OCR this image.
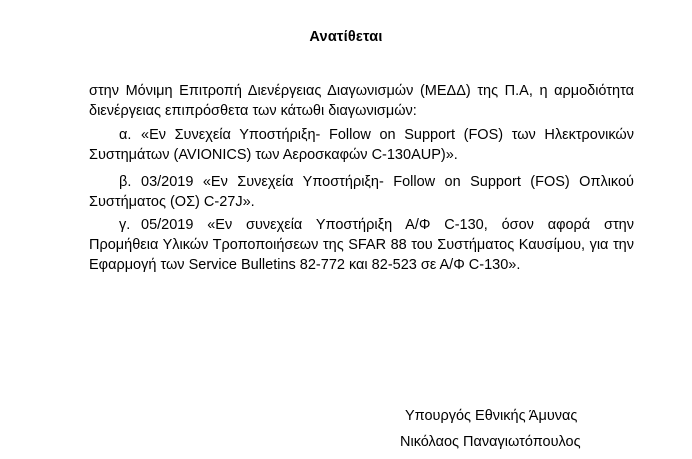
Ανατίθεται
στην Μόνιμη Επιτροπή Διενέργειας Διαγωνισμών (ΜΕΔΔ) της Π.Α, η αρμοδιότητα
διενέργειας επιπρόσθετα των κάτωθι διαγωνισμών:
α. «Εν Συνεχεία Υποστήριξη- Follow on Support (FOS) των Ηλεκτρονικών
Συστημάτων (AVIONICS) των Αεροσκαφών C-130AUP)».
β. 03/2019 «Εν Συνεχεία Υποστήριξη- Follow on Support (FOS) Οπλικού
Συστήματος (ΟΣ) C-27J».
γ. 05/2019 «Εν συνεχεία Υποστήριξη Α/Φ C-130, όσον αφορά στην
Προμήθεια Υλικών Τροποποιήσεων της SFAR 88 του Συστήματος Καυσίμου, για την
Εφαρμογή των Service Bulletins 82-772 και 82-523 σε Α/Φ C-130».
Υπουργός Εθνικής Άμυνας
Νικόλαος Παναγιωτόπουλος
